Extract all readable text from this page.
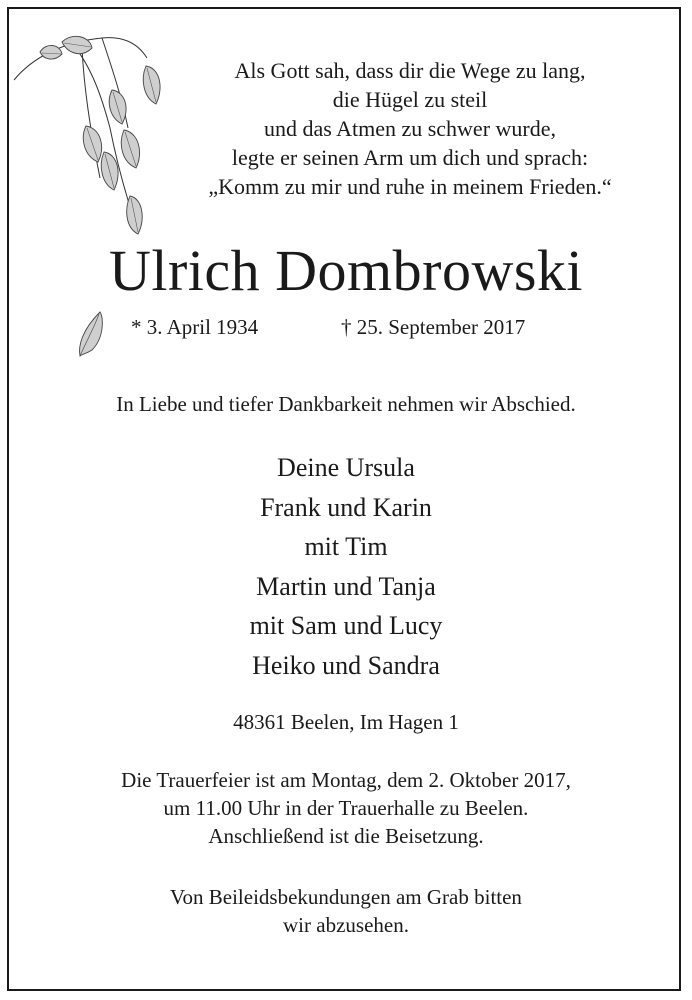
Als Gott sah, dass dir die Wege zu lang,
die Hügel zu steil
und das Atmen zu schwer wurde,
legte er seinen Arm um dich und sprach:
„Komm zu mir und ruhe in meinem Frieden.“
Ulrich Dombrowski
* 3. April 1934	† 25. September 2017
In Liebe und tiefer Dankbarkeit nehmen wir Abschied.
Deine Ursula
Frank und Karin
mit Tim
Martin und Tanja
mit Sam und Lucy
Heiko und Sandra
48361 Beelen, Im Hagen 1
Die Trauerfeier ist am Montag, dem 2. Oktober 2017,
um 11.00 Uhr in der Trauerhalle zu Beelen.
Anschließend ist die Beisetzung.
Von Beileidsbekundungen am Grab bitten
wir abzusehen.
